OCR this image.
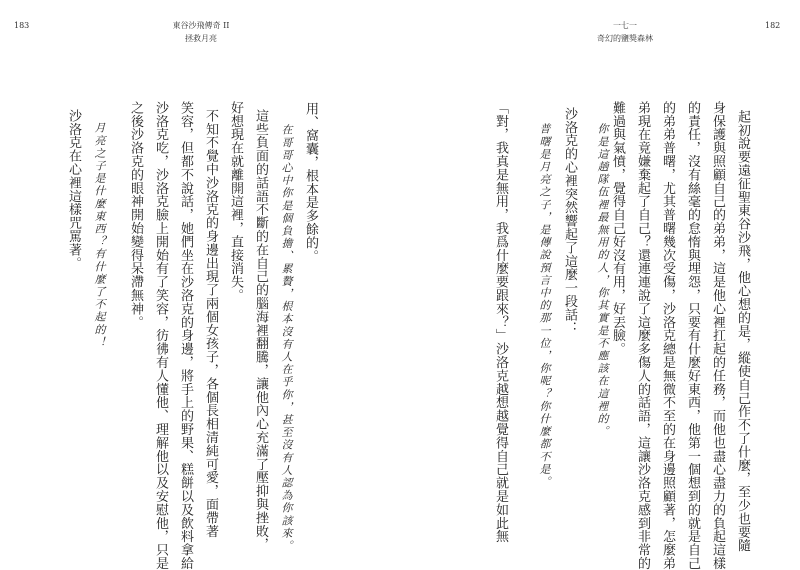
183	東谷沙飛傳奇 II
拯救月亮
用、窩囊，根本是多餘的。
在哥哥心中你是個負擔、累贅，根本沒有人在乎你，甚至沒有人認為你該來。
這些負面的話語不斷的在自己的腦海裡翻騰，讓他內心充滿了壓抑與挫敗，
好想現在就離開這裡，直接消失。
不知不覺中沙洛克的身邊出現了兩個女孩子，各個長相清純可愛，面帶著
笑容，但都不說話，她們坐在沙洛克的身邊，將手上的野果、糕餅以及飲料拿給
沙洛克吃，沙洛克臉上開始有了笑容，彷彿有人懂他、理解他以及安慰他，只是
之後沙洛克的眼神開始變得呆滯無神。
月亮之子是什麼東西？有什麼了不起的！
沙洛克在心裡這樣咒罵著。
一七一
奇幻的鹽獎森林
182
起初說要遠征聖東谷沙飛，他心想的是，縱使自己作不了什麼，至少也要隨
身保護與照顧自己的弟弟，這是他心裡扛起的任務，而他也盡心盡力的負起這樣
的責任，沒有絲毫的怠惰與埋怨，只要有什麼好東西，他第一個想到的就是自己
的弟弟普曙，尤其普曙幾次受傷，沙洛克總是無微不至的在身邊照顧著，怎麼弟
弟現在竟嫌棄起了自己？還連連說了這麼多傷人的話語，這讓沙洛克感到非常的
難過與氣憤，覺得自己好沒有用，好丟臉。
你是這趟隊伍裡最無用的人，你其實是不應該在這裡的。
沙洛克的心裡突然響起了這麼一段話：
普曙是月亮之子，是傳說預言中的那一位，你呢？你什麼都不是。
「對，我真是無用，我爲什麼要跟來？」沙洛克越想越覺得自己就是如此無
